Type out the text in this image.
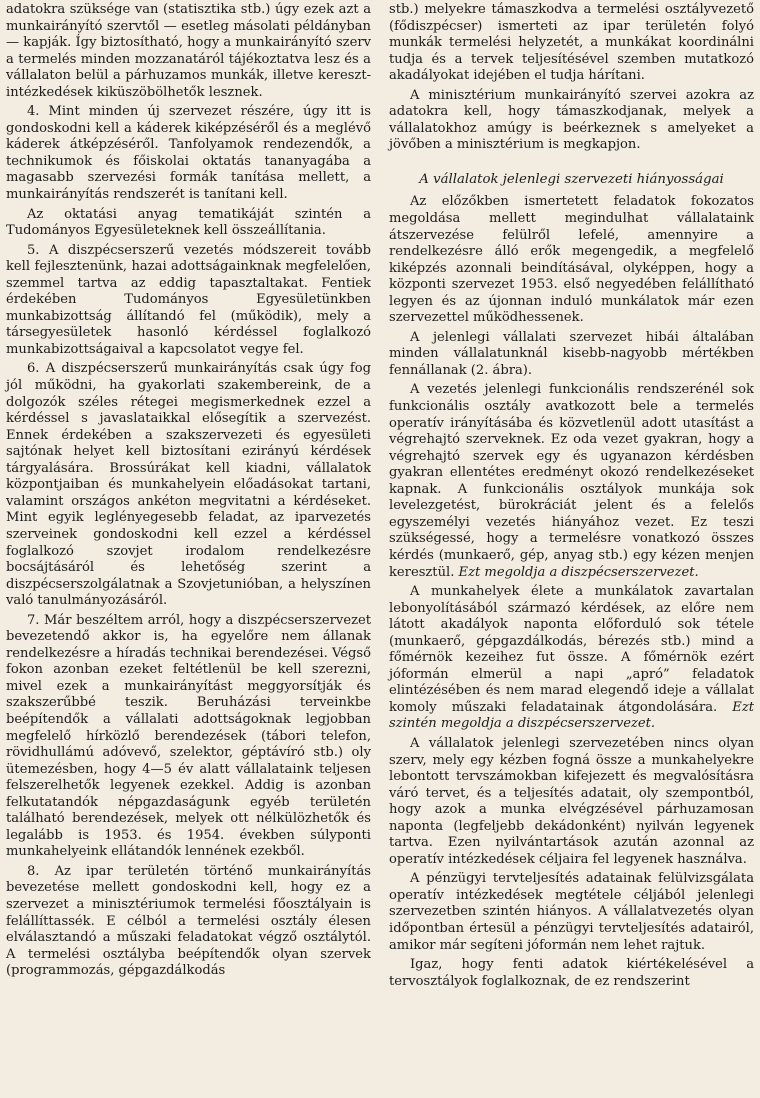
adatokra szüksége van (statisztika stb.) úgy ezek azt a munkairányító szervtől — esetleg másolati példányban — kapják. Így biztosítható, hogy a munkairányító szerv a termelés minden mozzanatáról tájékoztatva lesz és a vállalaton belül a párhuzamos munkák, illetve kereszt-intézkedések kiküszöbölhetők lesznek.

4. Mint minden új szervezet részére, úgy itt is gondoskodni kell a káderek kiképzéséről és a meglévő káderek átképzéséről. Tanfolyamok rendezendők, a technikumok és főiskolai oktatás tananyagába a magasabb szervezési formák tanítása mellett, a munkairányítás rendszerét is tanítani kell.

Az oktatási anyag tematikáját szintén a Tudományos Egyesületeknek kell összeállítania.

5. A diszpécserszerű vezetés módszereit tovább kell fejlesztenünk, hazai adottságainknak megfelelően, szemmel tartva az eddig tapasztaltakat. Fentiek érdekében Tudományos Egyesületünkben munkabizottság állítandó fel (működik), mely a társegyesületek hasonló kérdéssel foglalkozó munkabizottságaival a kapcsolatot vegye fel.

6. A diszpécserszerű munkairányítás csak úgy fog jól működni, ha gyakorlati szakembereink, de a dolgozók széles rétegei megismerkednek ezzel a kérdéssel s javaslataikkal elősegítik a szervezést. Ennek érdekében a szakszervezeti és egyesületi sajtónak helyet kell biztosítani ezirányú kérdések tárgyalására. Brossúrákat kell kiadni, vállalatok központjaiban és munkahelyein előadásokat tartani, valamint országos ankéton megvitatni a kérdéseket. Mint egyik leglényegesebb feladat, az iparvezetés szerveinek gondoskodni kell ezzel a kérdéssel foglalkozó szovjet irodalom rendelkezésre bocsájtásáról és lehetőség szerint a diszpécserszolgálatnak a Szovjetunióban, a helyszínen való tanulmányozásáról.

7. Már beszéltem arról, hogy a diszpécserszervezet bevezetendő akkor is, ha egyelőre nem állanak rendelkezésre a híradás technikai berendezései. Végső fokon azonban ezeket feltétlenül be kell szerezni, mivel ezek a munkairányítást meggyorsítják és szakszerűbbé teszik. Beruházási terveinkbe beépítendők a vállalati adottságoknak legjobban megfelelő hírközlő berendezések (tábori telefon, rövidhullámú adóvevő, szelektor, géptávíró stb.) oly ütemezésben, hogy 4—5 év alatt vállalataink teljesen felszerelhetők legyenek ezekkel. Addig is azonban felkutatandók népgazdaságunk egyéb területén található berendezések, melyek ott nélkülözhetők és legalább is 1953. és 1954. években súlyponti munkahelyeink ellátandók lennének ezekből.

8. Az ipar területén történő munkairányítás bevezetése mellett gondoskodni kell, hogy ez a szervezet a minisztériumok termelési főosztályain is felállíttassék. E célból a termelési osztály élesen elválasztandó a műszaki feladatokat végző osztálytól. A termelési osztályba beépítendők olyan szervek (programmozás, gépgazdálkodás

stb.) melyekre támaszkodva a termelési osztályvezető (fődiszpécser) ismerteti az ipar területén folyó munkák termelési helyzetét, a munkákat koordinálni tudja és a tervek teljesítésével szemben mutatkozó akadályokat idejében el tudja hárítani.

A minisztérium munkairányító szervei azokra az adatokra kell, hogy támaszkodjanak, melyek a vállalatokhoz amúgy is beérkeznek s amelyeket a jövőben a minisztérium is megkapjon.

A vállalatok jelenlegi szervezeti hiányosságai

Az előzőkben ismertetett feladatok fokozatos megoldása mellett megindulhat vállalataink átszervezése felülről lefelé, amennyire a rendelkezésre álló erők megengedik, a megfelelő kiképzés azonnali beindításával, olyképpen, hogy a központi szervezet 1953. első negyedében felállítható legyen és az újonnan induló munkálatok már ezen szervezettel működhessenek.

A jelenlegi vállalati szervezet hibái általában minden vállalatunknál kisebb-nagyobb mértékben fennállanak (2. ábra).

A vezetés jelenlegi funkcionális rendszerénél sok funkcionális osztály avatkozott bele a termelés operatív irányításába és közvetlenül adott utasítást a végrehajtó szerveknek. Ez oda vezet gyakran, hogy a végrehajtó szervek egy és ugyanazon kérdésben gyakran ellentétes eredményt okozó rendelkezéseket kapnak. A funkcionális osztályok munkája sok levelezgetést, bürokráciát jelent és a felelős egyszemélyi vezetés hiányához vezet. Ez teszi szükségessé, hogy a termelésre vonatkozó összes kérdés (munkaerő, gép, anyag stb.) egy kézen menjen keresztül. Ezt megoldja a diszpécserszervezet.

A munkahelyek élete a munkálatok zavartalan lebonyolításából származó kérdések, az előre nem látott akadályok naponta előforduló sok tétele (munkaerő, gépgazdálkodás, bérezés stb.) mind a főmérnök kezeihez fut össze. A főmérnök ezért jóformán elmerül a napi „apró” feladatok elintézésében és nem marad elegendő ideje a vállalat komoly műszaki feladatainak átgondolására. Ezt szintén megoldja a diszpécserszervezet.

A vállalatok jelenlegi szervezetében nincs olyan szerv, mely egy kézben fogná össze a munkahelyekre lebontott tervszámokban kifejezett és megvalósításra váró tervet, és a teljesítés adatait, oly szempontból, hogy azok a munka elvégzésével párhuzamosan naponta (legfeljebb dekádonként) nyilván legyenek tartva. Ezen nyilvántartások azután azonnal az operatív intézkedések céljaira fel legyenek használva.

A pénzügyi tervteljesítés adatainak felülvizsgálata operatív intézkedések megtétele céljából jelenlegi szervezetben szintén hiányos. A vállalatvezetés olyan időpontban értesül a pénzügyi tervteljesítés adatairól, amikor már segíteni jóformán nem lehet rajtuk.

Igaz, hogy fenti adatok kiértékelésével a tervosztályok foglalkoznak, de ez rendszerint
